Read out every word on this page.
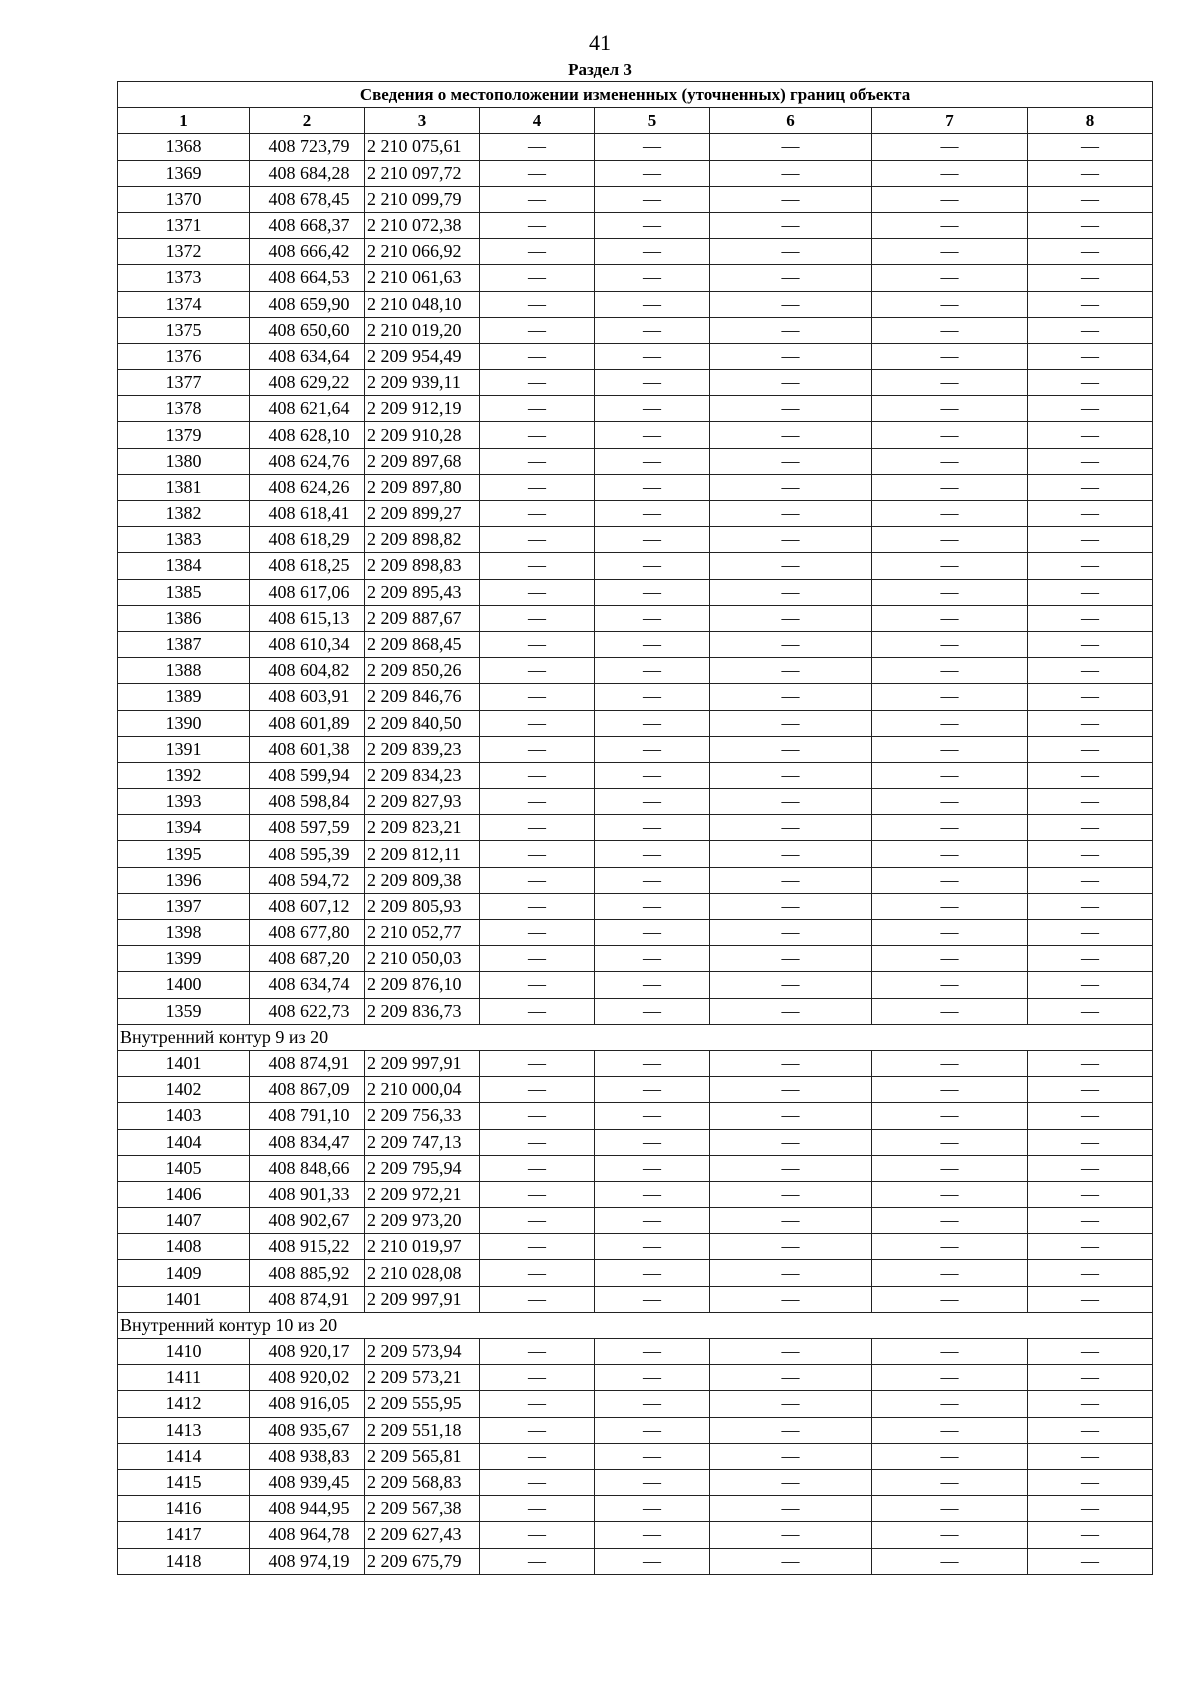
41
Раздел 3
Сведения о местоположении измененных (уточненных) границ объекта							
1	2	3	4	5	6	7	8
1368	408 723,79	2 210 075,61	—	—	—	—	—
1369	408 684,28	2 210 097,72	—	—	—	—	—
1370	408 678,45	2 210 099,79	—	—	—	—	—
1371	408 668,37	2 210 072,38	—	—	—	—	—
1372	408 666,42	2 210 066,92	—	—	—	—	—
1373	408 664,53	2 210 061,63	—	—	—	—	—
1374	408 659,90	2 210 048,10	—	—	—	—	—
1375	408 650,60	2 210 019,20	—	—	—	—	—
1376	408 634,64	2 209 954,49	—	—	—	—	—
1377	408 629,22	2 209 939,11	—	—	—	—	—
1378	408 621,64	2 209 912,19	—	—	—	—	—
1379	408 628,10	2 209 910,28	—	—	—	—	—
1380	408 624,76	2 209 897,68	—	—	—	—	—
1381	408 624,26	2 209 897,80	—	—	—	—	—
1382	408 618,41	2 209 899,27	—	—	—	—	—
1383	408 618,29	2 209 898,82	—	—	—	—	—
1384	408 618,25	2 209 898,83	—	—	—	—	—
1385	408 617,06	2 209 895,43	—	—	—	—	—
1386	408 615,13	2 209 887,67	—	—	—	—	—
1387	408 610,34	2 209 868,45	—	—	—	—	—
1388	408 604,82	2 209 850,26	—	—	—	—	—
1389	408 603,91	2 209 846,76	—	—	—	—	—
1390	408 601,89	2 209 840,50	—	—	—	—	—
1391	408 601,38	2 209 839,23	—	—	—	—	—
1392	408 599,94	2 209 834,23	—	—	—	—	—
1393	408 598,84	2 209 827,93	—	—	—	—	—
1394	408 597,59	2 209 823,21	—	—	—	—	—
1395	408 595,39	2 209 812,11	—	—	—	—	—
1396	408 594,72	2 209 809,38	—	—	—	—	—
1397	408 607,12	2 209 805,93	—	—	—	—	—
1398	408 677,80	2 210 052,77	—	—	—	—	—
1399	408 687,20	2 210 050,03	—	—	—	—	—
1400	408 634,74	2 209 876,10	—	—	—	—	—
1359	408 622,73	2 209 836,73	—	—	—	—	—
Внутренний контур 9 из 20							
1401	408 874,91	2 209 997,91	—	—	—	—	—
1402	408 867,09	2 210 000,04	—	—	—	—	—
1403	408 791,10	2 209 756,33	—	—	—	—	—
1404	408 834,47	2 209 747,13	—	—	—	—	—
1405	408 848,66	2 209 795,94	—	—	—	—	—
1406	408 901,33	2 209 972,21	—	—	—	—	—
1407	408 902,67	2 209 973,20	—	—	—	—	—
1408	408 915,22	2 210 019,97	—	—	—	—	—
1409	408 885,92	2 210 028,08	—	—	—	—	—
1401	408 874,91	2 209 997,91	—	—	—	—	—
Внутренний контур 10 из 20							
1410	408 920,17	2 209 573,94	—	—	—	—	—
1411	408 920,02	2 209 573,21	—	—	—	—	—
1412	408 916,05	2 209 555,95	—	—	—	—	—
1413	408 935,67	2 209 551,18	—	—	—	—	—
1414	408 938,83	2 209 565,81	—	—	—	—	—
1415	408 939,45	2 209 568,83	—	—	—	—	—
1416	408 944,95	2 209 567,38	—	—	—	—	—
1417	408 964,78	2 209 627,43	—	—	—	—	—
1418	408 974,19	2 209 675,79	—	—	—	—	—
